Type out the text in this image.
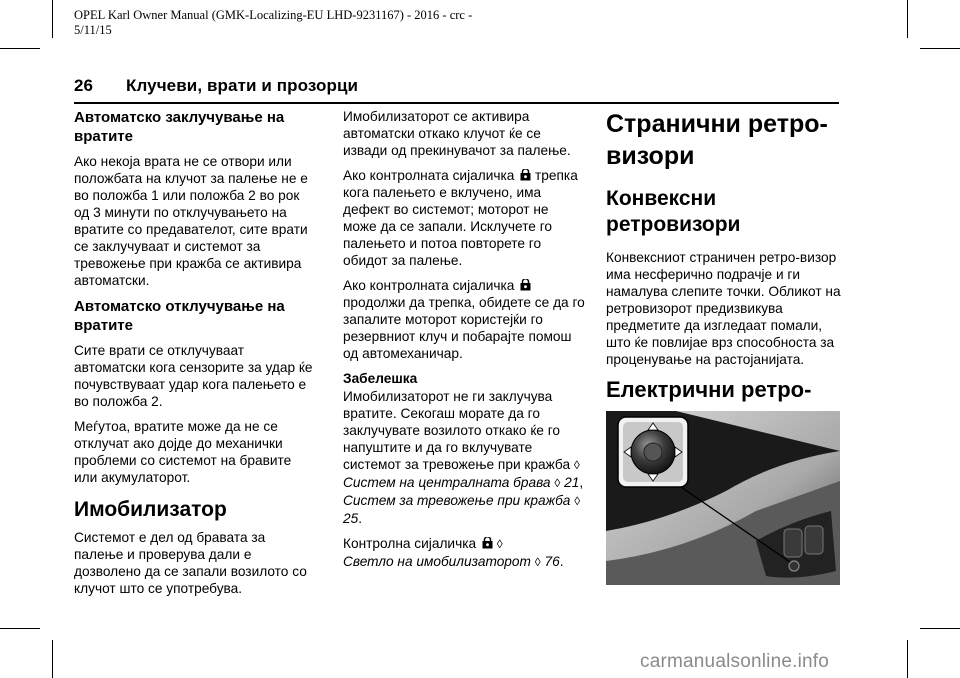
OPEL Karl Owner Manual (GMK-Localizing-EU LHD-9231167) - 2016 - crc -
5/11/15
26 Клучеви, врати и прозорци
Автоматско заклучување на вратите

Ако некоја врата не се отвори или положбата на клучот за палење не е во положба 1 или положба 2 во рок од 3 минути по отклучувањето на вратите со предавателот, сите врати се заклучуваат и системот за тревожење при кражба се активира автоматски.

Автоматско отклучување на вратите

Сите врати се отклучуваат автоматски кога сензорите за удар ќе почувствуваат удар кога палењето е во положба 2.

Меѓутоа, вратите може да не се отклучат ако дојде до механички проблеми со системот на бравите или акумулаторот.

Имобилизатор

Системот е дел од бравата за палење и проверува дали е дозволено да се запали возилото со клучот што се употребува.

Имобилизаторот се активира автоматски откако клучот ќе се извади од прекинувачот за палење.

Ако контролната сијаличка трепка кога палењето е вклучено, има дефект во системот; моторот не може да се запали. Исклучете го палењето и потоа повторете го обидот за палење.

Ако контролната сијаличка  продолжи да трепка, обидете се да го запалите моторот користејќи го резервниот клуч и побарајте помош од автомеханичар.

Забелешка

Имобилизаторот не ги заклучува вратите. Секогаш морате да го заклучувате возилото откако ќе го напуштите и да го вклучувате системот за тревожење при кражба ◊ Систем на централната брава ◊ 21, Систем за тревожење при кражба ◊ 25.

Контролна сијаличка ◊
Светло на имобилизаторот ◊ 76.

Странични ретро-визори
Конвексни ретровизори

Конвексниот страничен ретро-визор има несферично подрачје и ги намалува слепите точки. Обликот на ретровизорот предизвикува предметите да изгледаат помали, што ќе повлијае врз способноста за проценување на растојанијата.

Електрични ретро-
carmanualsonline.info
